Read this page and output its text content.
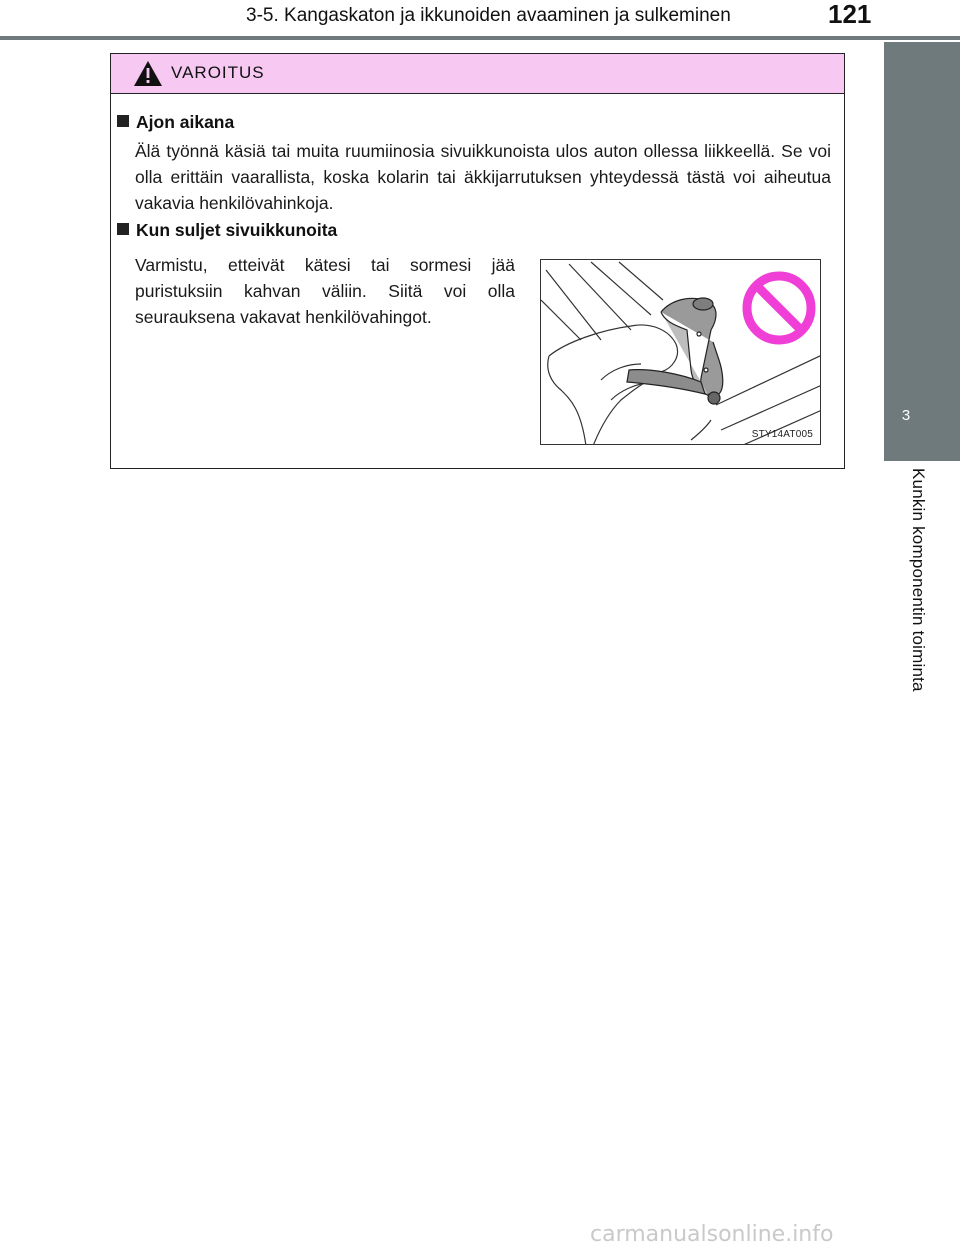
3-5. Kangaskaton ja ikkunoiden avaaminen ja sulkeminen	121
3
Kunkin komponentin toiminta
VAROITUS
Ajon aikana
Älä työnnä käsiä tai muita ruumiinosia sivuikkunoista ulos auton ollessa liikkeellä. Se voi olla erittäin vaarallista, koska kolarin tai äkkijarrutuksen yhteydessä tästä voi aiheutua vakavia henkilövahinkoja.
Kun suljet sivuikkunoita
Varmistu, etteivät kätesi tai sormesi jää puristuksiin kahvan väliin. Siitä voi olla seurauksena vakavat henkilövahingot.
STY14AT005
carmanualsonline.info
